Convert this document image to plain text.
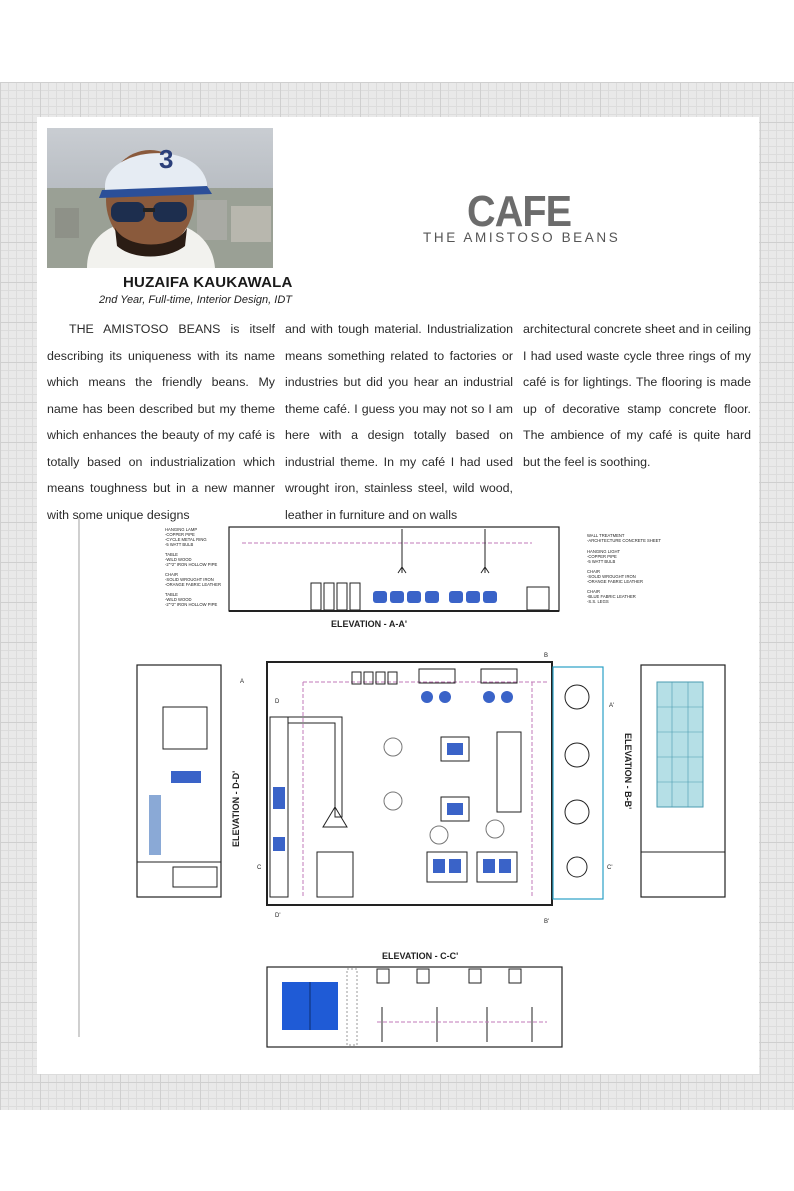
3
HUZAIFA KAUKAWALA
2nd Year, Full-time, Interior Design, IDT
CAFE
THE AMISTOSO BEANS
THE AMISTOSO BEANS is itself describing its uniqueness with its name which means the friendly beans. My name has been described but my theme which enhances the beauty of my café is totally based on industrialization which means toughness but in a new manner with some unique designs
and with tough material. Industrialization means something related to factories or industries but did you hear an industrial theme café. I guess you may not so I am here with a design totally based on industrial theme. In my café I had used wrought iron, stainless steel, wild wood, leather in furniture and on walls
architectural concrete sheet and in ceiling I had used waste cycle three rings of my café is for lightings. The flooring is made up of decorative stamp concrete floor. The ambience of my café is quite hard but the feel is soothing.
ELEVATION - A-A'
HANGING LAMP
-COPPER PIPE
-CYCLE METAL RING
-5 WATT BULB
TABLE
-WILD WOOD
-2"*2" IRON HOLLOW PIPE
CHAIR
-SOLID WROUGHT IRON
-ORANGE FABRIC LEATHER
TABLE
-WILD WOOD
-2"*2" IRON HOLLOW PIPE
WALL TREATMENT
-ARCHITECTURE CONCRETE SHEET
HANGING LIGHT
-COPPER PIPE
-5 WATT BULB
CHAIR
-SOLID WROUGHT IRON
-ORANGE FABRIC LEATHER
CHAIR
-BLUE FABRIC LEATHER
-S.S. LEGS
ELEVATION - D-D'
A
A'
B
B'
C	C'
D
D'
ELEVATION - B-B'
ELEVATION - C-C'
